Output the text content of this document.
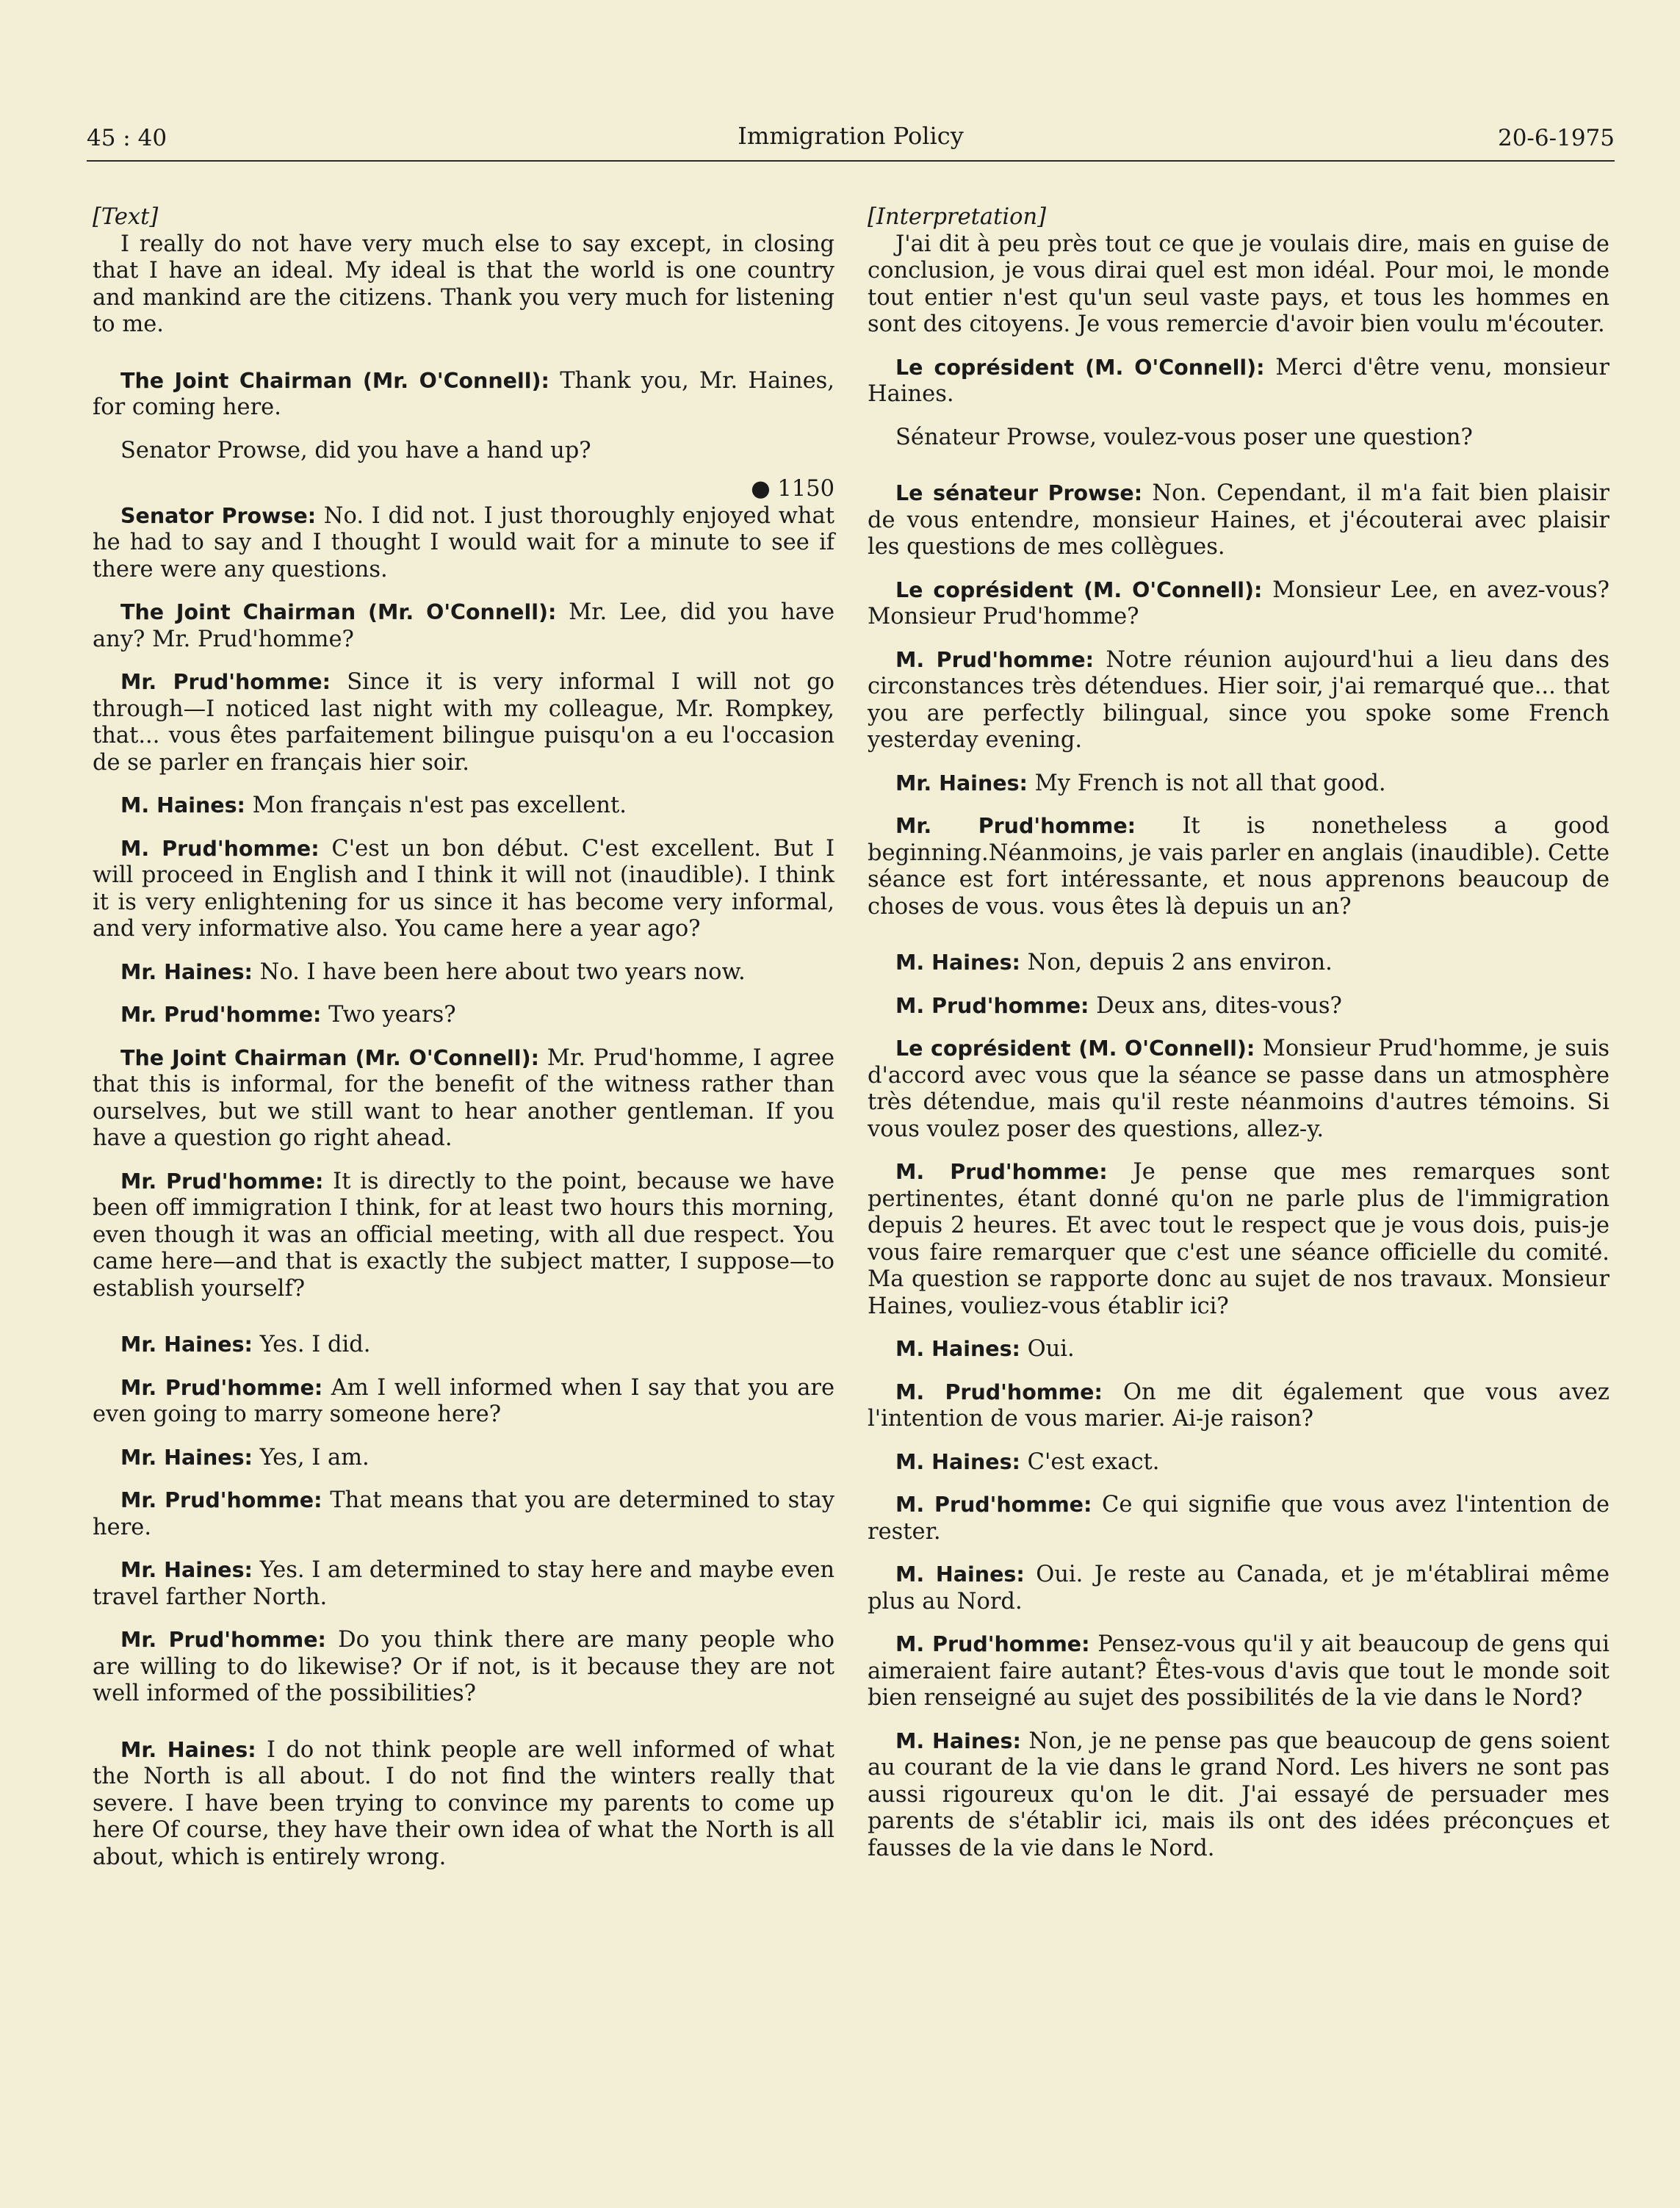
45 : 40	Immigration Policy	20-6-1975

[Text]

I really do not have very much else to say except, in closing that I have an ideal. My ideal is that the world is one country and mankind are the citizens. Thank you very much for listening to me.

The Joint Chairman (Mr. O'Connell): Thank you, Mr. Haines, for coming here.

Senator Prowse, did you have a hand up?

● 1150

Senator Prowse: No. I did not. I just thoroughly enjoyed what he had to say and I thought I would wait for a minute to see if there were any questions.

The Joint Chairman (Mr. O'Connell): Mr. Lee, did you have any? Mr. Prud'homme?

Mr. Prud'homme: Since it is very informal I will not go through—I noticed last night with my colleague, Mr. Rompkey, that... vous êtes parfaitement bilingue puisqu'on a eu l'occasion de se parler en français hier soir.

M. Haines: Mon français n'est pas excellent.

M. Prud'homme: C'est un bon début. C'est excellent. But I will proceed in English and I think it will not (inaudible). I think it is very enlightening for us since it has become very informal, and very informative also. You came here a year ago?

Mr. Haines: No. I have been here about two years now.

Mr. Prud'homme: Two years?

The Joint Chairman (Mr. O'Connell): Mr. Prud'homme, I agree that this is informal, for the benefit of the witness rather than ourselves, but we still want to hear another gentleman. If you have a question go right ahead.

Mr. Prud'homme: It is directly to the point, because we have been off immigration I think, for at least two hours this morning, even though it was an official meeting, with all due respect. You came here—and that is exactly the subject matter, I suppose—to establish yourself?

Mr. Haines: Yes. I did.

Mr. Prud'homme: Am I well informed when I say that you are even going to marry someone here?

Mr. Haines: Yes, I am.

Mr. Prud'homme: That means that you are determined to stay here.

Mr. Haines: Yes. I am determined to stay here and maybe even travel farther North.

Mr. Prud'homme: Do you think there are many people who are willing to do likewise? Or if not, is it because they are not well informed of the possibilities?

Mr. Haines: I do not think people are well informed of what the North is all about. I do not find the winters really that severe. I have been trying to convince my parents to come up here Of course, they have their own idea of what the North is all about, which is entirely wrong.

[Interpretation]

J'ai dit à peu près tout ce que je voulais dire, mais en guise de conclusion, je vous dirai quel est mon idéal. Pour moi, le monde tout entier n'est qu'un seul vaste pays, et tous les hommes en sont des citoyens. Je vous remercie d'avoir bien voulu m'écouter.

Le coprésident (M. O'Connell): Merci d'être venu, monsieur Haines.

Sénateur Prowse, voulez-vous poser une question?

Le sénateur Prowse: Non. Cependant, il m'a fait bien plaisir de vous entendre, monsieur Haines, et j'écouterai avec plaisir les questions de mes collègues.

Le coprésident (M. O'Connell): Monsieur Lee, en avez-vous? Monsieur Prud'homme?

M. Prud'homme: Notre réunion aujourd'hui a lieu dans des circonstances très détendues. Hier soir, j'ai remarqué que... that you are perfectly bilingual, since you spoke some French yesterday evening.

Mr. Haines: My French is not all that good.

Mr. Prud'homme: It is nonetheless a good beginning.Néanmoins, je vais parler en anglais (inaudible). Cette séance est fort intéressante, et nous apprenons beaucoup de choses de vous. vous êtes là depuis un an?

M. Haines: Non, depuis 2 ans environ.

M. Prud'homme: Deux ans, dites-vous?

Le coprésident (M. O'Connell): Monsieur Prud'homme, je suis d'accord avec vous que la séance se passe dans un atmosphère très détendue, mais qu'il reste néanmoins d'autres témoins. Si vous voulez poser des questions, allez-y.

M. Prud'homme: Je pense que mes remarques sont pertinentes, étant donné qu'on ne parle plus de l'immigration depuis 2 heures. Et avec tout le respect que je vous dois, puis-je vous faire remarquer que c'est une séance officielle du comité. Ma question se rapporte donc au sujet de nos travaux. Monsieur Haines, vouliez-vous établir ici?

M. Haines: Oui.

M. Prud'homme: On me dit également que vous avez l'intention de vous marier. Ai-je raison?

M. Haines: C'est exact.

M. Prud'homme: Ce qui signifie que vous avez l'intention de rester.

M. Haines: Oui. Je reste au Canada, et je m'établirai même plus au Nord.

M. Prud'homme: Pensez-vous qu'il y ait beaucoup de gens qui aimeraient faire autant? Êtes-vous d'avis que tout le monde soit bien renseigné au sujet des possibilités de la vie dans le Nord?

M. Haines: Non, je ne pense pas que beaucoup de gens soient au courant de la vie dans le grand Nord. Les hivers ne sont pas aussi rigoureux qu'on le dit. J'ai essayé de persuader mes parents de s'établir ici, mais ils ont des idées préconçues et fausses de la vie dans le Nord.
